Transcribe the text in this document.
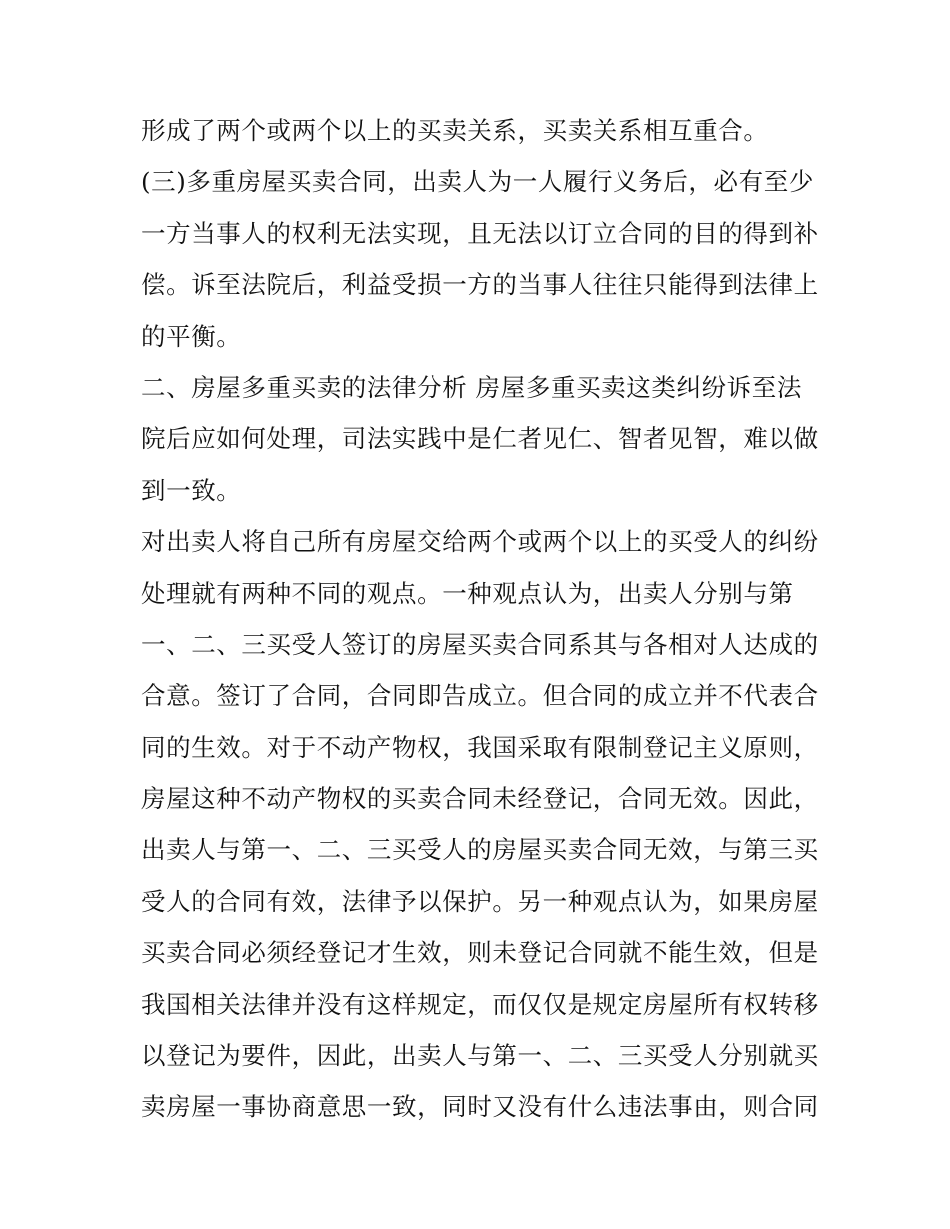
形成了两个或两个以上的买卖关系，买卖关系相互重合。
(三)多重房屋买卖合同，出卖人为一人履行义务后，必有至少
一方当事人的权利无法实现，且无法以订立合同的目的得到补
偿。诉至法院后，利益受损一方的当事人往往只能得到法律上
的平衡。
二、房屋多重买卖的法律分析 房屋多重买卖这类纠纷诉至法
院后应如何处理，司法实践中是仁者见仁、智者见智，难以做
到一致。
对出卖人将自己所有房屋交给两个或两个以上的买受人的纠纷
处理就有两种不同的观点。一种观点认为，出卖人分别与第
一、二、三买受人签订的房屋买卖合同系其与各相对人达成的
合意。签订了合同，合同即告成立。但合同的成立并不代表合
同的生效。对于不动产物权，我国采取有限制登记主义原则，
房屋这种不动产物权的买卖合同未经登记，合同无效。因此，
出卖人与第一、二、三买受人的房屋买卖合同无效，与第三买
受人的合同有效，法律予以保护。另一种观点认为，如果房屋
买卖合同必须经登记才生效，则未登记合同就不能生效，但是
我国相关法律并没有这样规定，而仅仅是规定房屋所有权转移
以登记为要件，因此，出卖人与第一、二、三买受人分别就买
卖房屋一事协商意思一致，同时又没有什么违法事由，则合同
